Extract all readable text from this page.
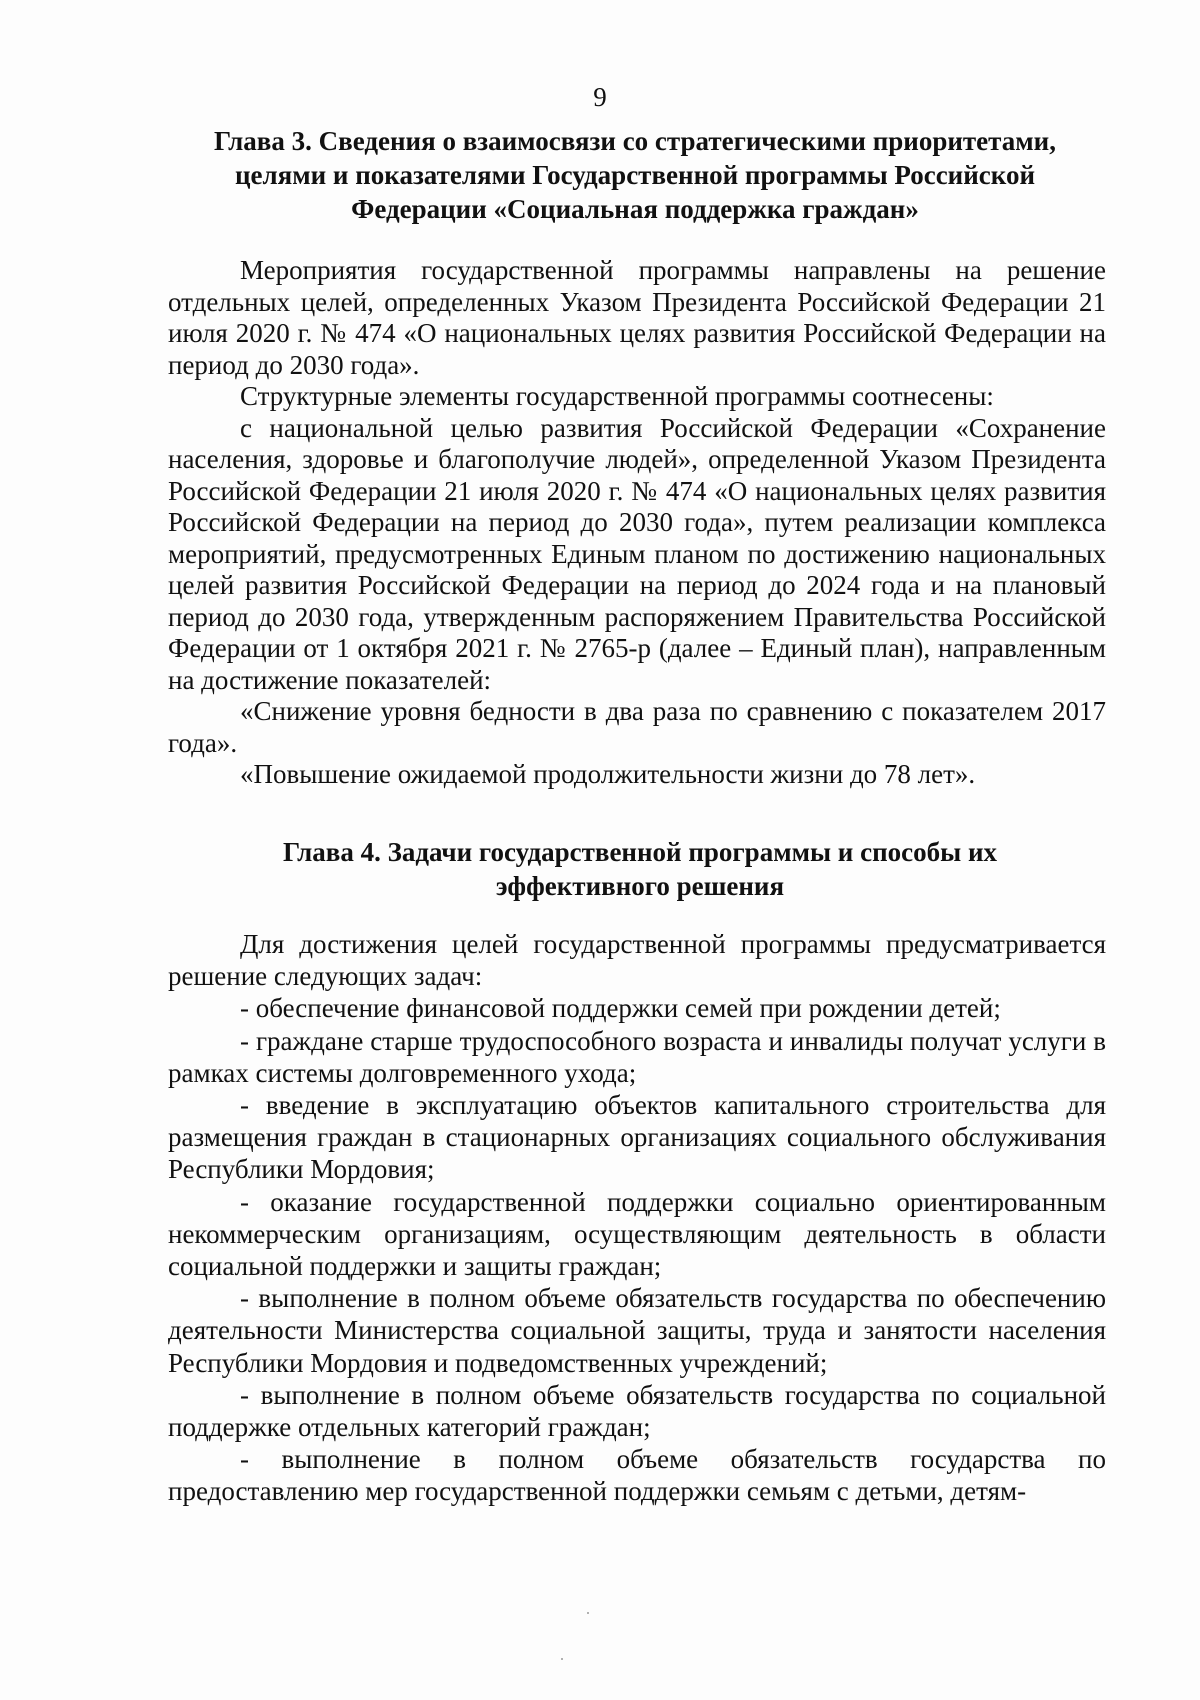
9
Глава 3. Сведения о взаимосвязи со стратегическими приоритетами, целями и показателями Государственной программы Российской Федерации «Социальная поддержка граждан»

Мероприятия государственной программы направлены на решение отдельных целей, определенных Указом Президента Российской Федерации 21 июля 2020 г. № 474 «О национальных целях развития Российской Федерации на период до 2030 года».

Структурные элементы государственной программы соотнесены:

с национальной целью развития Российской Федерации «Сохранение населения, здоровье и благополучие людей», определенной Указом Президента Российской Федерации 21 июля 2020 г. № 474 «О национальных целях развития Российской Федерации на период до 2030 года», путем реализации комплекса мероприятий, предусмотренных Единым планом по достижению национальных целей развития Российской Федерации на период до 2024 года и на плановый период до 2030 года, утвержденным распоряжением Правительства Российской Федерации от 1 октября 2021 г. № 2765-р (далее – Единый план), направленным на достижение показателей:

«Снижение уровня бедности в два раза по сравнению с показателем 2017 года».

«Повышение ожидаемой продолжительности жизни до 78 лет».

Глава 4. Задачи государственной программы и способы их эффективного решения

Для достижения целей государственной программы предусматривается решение следующих задач:

- обеспечение финансовой поддержки семей при рождении детей;

- граждане старше трудоспособного возраста и инвалиды получат услуги в рамках системы долговременного ухода;

- введение в эксплуатацию объектов капитального строительства для размещения граждан в стационарных организациях социального обслуживания Республики Мордовия;

- оказание государственной поддержки социально ориентированным некоммерческим организациям, осуществляющим деятельность в области социальной поддержки и защиты граждан;

- выполнение в полном объеме обязательств государства по обеспечению деятельности Министерства социальной защиты, труда и занятости населения Республики Мордовия и подведомственных учреждений;

- выполнение в полном объеме обязательств государства по социальной поддержке отдельных категорий граждан;

- выполнение в полном объеме обязательств государства по предоставлению мер государственной поддержки семьям с детьми, детям-
